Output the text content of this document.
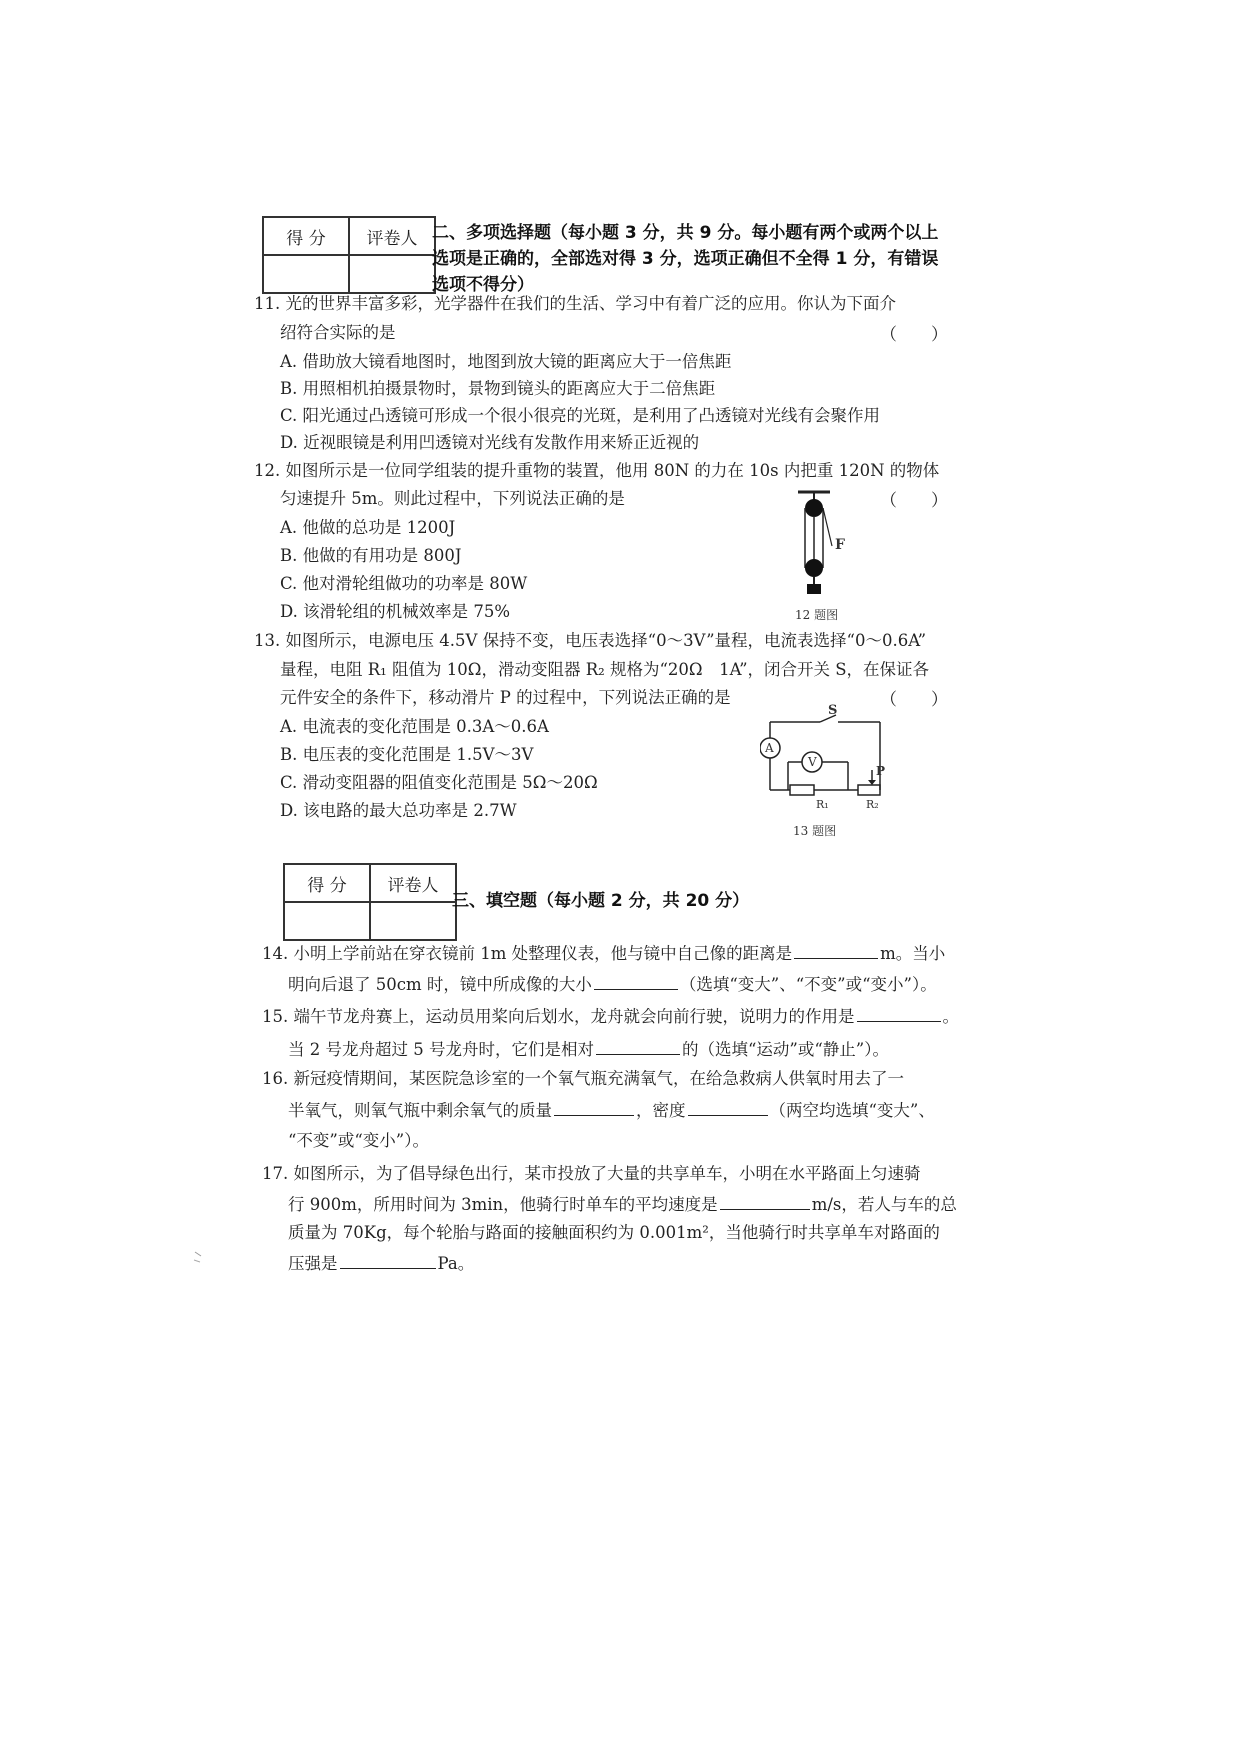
得 分	评卷人
	二、多项选择题（每小题 3 分，共 9 分。每小题有两个或两个以上
选项是正确的，全部选对得 3 分，选项正确但不全得 1 分，有错误
选项不得分）
11. 光的世界丰富多彩，光学器件在我们的生活、学习中有着广泛的应用。你认为下面介
绍符合实际的是	（　　）
A. 借助放大镜看地图时，地图到放大镜的距离应大于一倍焦距
B. 用照相机拍摄景物时，景物到镜头的距离应大于二倍焦距
C. 阳光通过凸透镜可形成一个很小很亮的光斑，是利用了凸透镜对光线有会聚作用
D. 近视眼镜是利用凹透镜对光线有发散作用来矫正近视的
12. 如图所示是一位同学组装的提升重物的装置，他用 80N 的力在 10s 内把重 120N 的物体
匀速提升 5m。则此过程中，下列说法正确的是	（　　）
A. 他做的总功是 1200J
B. 他做的有用功是 800J
C. 他对滑轮组做功的功率是 80W
D. 该滑轮组的机械效率是 75%
F
12 题图
13. 如图所示，电源电压 4.5V 保持不变，电压表选择“0～3V”量程，电流表选择“0～0.6A”
量程，电阻 R₁ 阻值为 10Ω，滑动变阻器 R₂ 规格为“20Ω　1A”，闭合开关 S，在保证各
元件安全的条件下，移动滑片 P 的过程中，下列说法正确的是	（　　）
A. 电流表的变化范围是 0.3A～0.6A
B. 电压表的变化范围是 1.5V～3V
C. 滑动变阻器的阻值变化范围是 5Ω～20Ω
D. 该电路的最大总功率是 2.7W
S
A
V
P
R₁	R₂
13 题图
得 分	评卷人

三、填空题（每小题 2 分，共 20 分）
14. 小明上学前站在穿衣镜前 1m 处整理仪表，他与镜中自己像的距离是	m。当小
明向后退了 50cm 时，镜中所成像的大小	（选填“变大”、“不变”或“变小”）。
15. 端午节龙舟赛上，运动员用桨向后划水，龙舟就会向前行驶，说明力的作用是	。
当 2 号龙舟超过 5 号龙舟时，它们是相对	的（选填“运动”或“静止”）。
16. 新冠疫情期间，某医院急诊室的一个氧气瓶充满氧气，在给急救病人供氧时用去了一
半氧气，则氧气瓶中剩余氧气的质量	，密度	（两空均选填“变大”、
“不变”或“变小”）。
17. 如图所示，为了倡导绿色出行，某市投放了大量的共享单车，小明在水平路面上匀速骑
行 900m，所用时间为 3min，他骑行时单车的平均速度是	m/s，若人与车的总
质量为 70Kg，每个轮胎与路面的接触面积约为 0.001m²，当他骑行时共享单车对路面的
压强是	Pa。
